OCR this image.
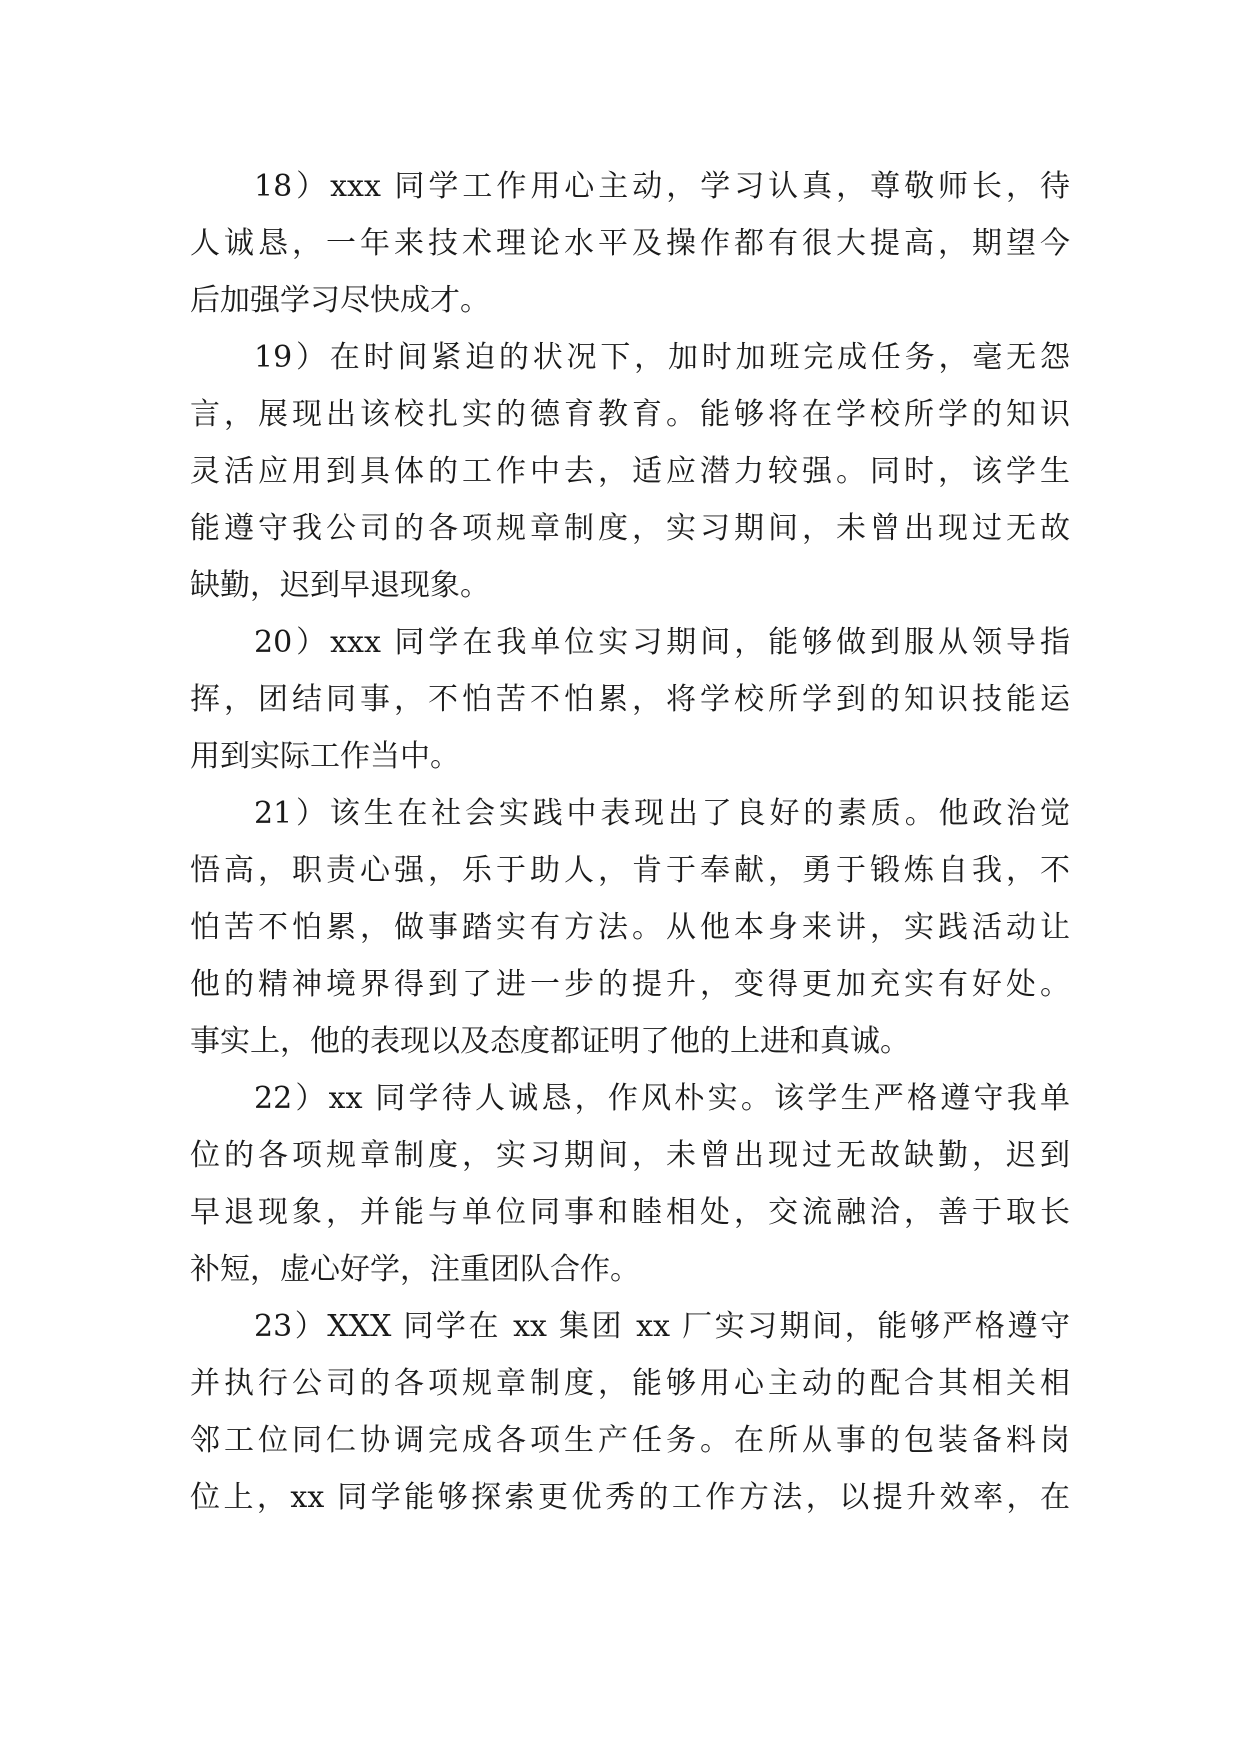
18）xxx 同学工作用心主动，学习认真，尊敬师长，待
人诚恳，一年来技术理论水平及操作都有很大提高，期望今
后加强学习尽快成才。
19）在时间紧迫的状况下，加时加班完成任务，毫无怨
言，展现出该校扎实的德育教育。能够将在学校所学的知识
灵活应用到具体的工作中去，适应潜力较强。同时，该学生
能遵守我公司的各项规章制度，实习期间，未曾出现过无故
缺勤，迟到早退现象。
20）xxx 同学在我单位实习期间，能够做到服从领导指
挥，团结同事，不怕苦不怕累，将学校所学到的知识技能运
用到实际工作当中。
21）该生在社会实践中表现出了良好的素质。他政治觉
悟高，职责心强，乐于助人，肯于奉献，勇于锻炼自我，不
怕苦不怕累，做事踏实有方法。从他本身来讲，实践活动让
他的精神境界得到了进一步的提升，变得更加充实有好处。
事实上，他的表现以及态度都证明了他的上进和真诚。
22）xx 同学待人诚恳，作风朴实。该学生严格遵守我单
位的各项规章制度，实习期间，未曾出现过无故缺勤，迟到
早退现象，并能与单位同事和睦相处，交流融洽，善于取长
补短，虚心好学，注重团队合作。
23）XXX 同学在 xx 集团 xx 厂实习期间，能够严格遵守
并执行公司的各项规章制度，能够用心主动的配合其相关相
邻工位同仁协调完成各项生产任务。在所从事的包装备料岗
位上，xx 同学能够探索更优秀的工作方法，以提升效率，在
